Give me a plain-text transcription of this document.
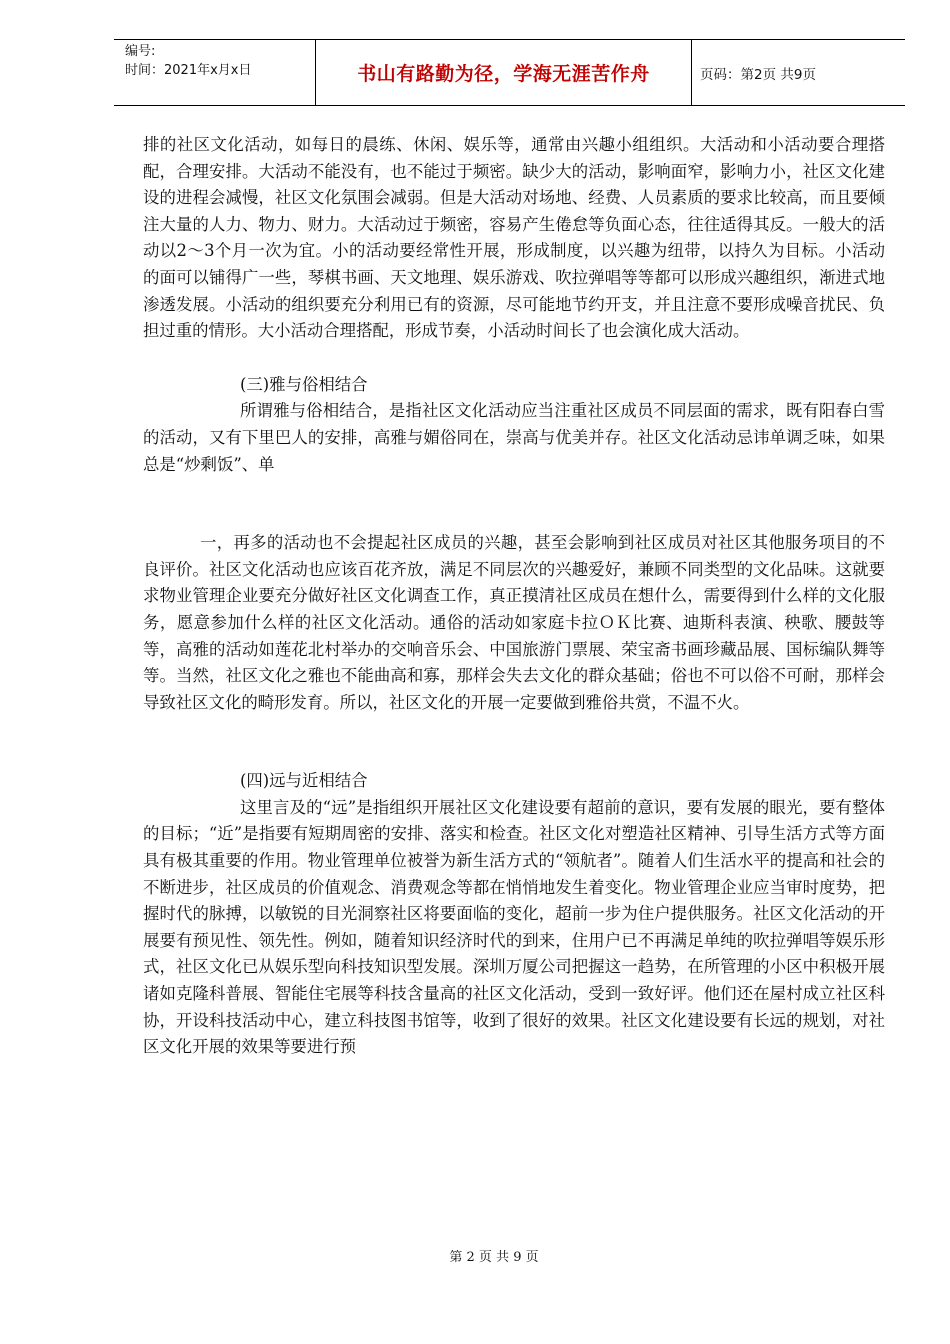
编号:
时间：2021年x月x日	书山有路勤为径，学海无涯苦作舟	页码：第2页 共9页

排的社区文化活动，如每日的晨练、休闲、娱乐等，通常由兴趣小组组织。大活动和小活动要合理搭配，合理安排。大活动不能没有，也不能过于频密。缺少大的活动，影响面窄，影响力小，社区文化建设的进程会减慢，社区文化氛围会减弱。但是大活动对场地、经费、人员素质的要求比较高，而且要倾注大量的人力、物力、财力。大活动过于频密，容易产生倦怠等负面心态，往往适得其反。一般大的活动以2～3个月一次为宜。小的活动要经常性开展，形成制度，以兴趣为纽带，以持久为目标。小活动的面可以铺得广一些，琴棋书画、天文地理、娱乐游戏、吹拉弹唱等等都可以形成兴趣组织，渐进式地渗透发展。小活动的组织要充分利用已有的资源，尽可能地节约开支，并且注意不要形成噪音扰民、负担过重的情形。大小活动合理搭配，形成节奏，小活动时间长了也会演化成大活动。

(三)雅与俗相结合

所谓雅与俗相结合，是指社区文化活动应当注重社区成员不同层面的需求，既有阳春白雪的活动，又有下里巴人的安排，高雅与媚俗同在，崇高与优美并存。社区文化活动忌讳单调乏味，如果总是“炒剩饭”、单

一，再多的活动也不会提起社区成员的兴趣，甚至会影响到社区成员对社区其他服务项目的不良评价。社区文化活动也应该百花齐放，满足不同层次的兴趣爱好，兼顾不同类型的文化品味。这就要求物业管理企业要充分做好社区文化调查工作，真正摸清社区成员在想什么，需要得到什么样的文化服务，愿意参加什么样的社区文化活动。通俗的活动如家庭卡拉ＯＫ比赛、迪斯科表演、秧歌、腰鼓等等，高雅的活动如莲花北村举办的交响音乐会、中国旅游门票展、荣宝斋书画珍藏品展、国标编队舞等等。当然，社区文化之雅也不能曲高和寡，那样会失去文化的群众基础；俗也不可以俗不可耐，那样会导致社区文化的畸形发育。所以，社区文化的开展一定要做到雅俗共赏，不温不火。

(四)远与近相结合

这里言及的“远”是指组织开展社区文化建设要有超前的意识，要有发展的眼光，要有整体的目标；“近”是指要有短期周密的安排、落实和检查。社区文化对塑造社区精神、引导生活方式等方面具有极其重要的作用。物业管理单位被誉为新生活方式的“领航者”。随着人们生活水平的提高和社会的不断进步，社区成员的价值观念、消费观念等都在悄悄地发生着变化。物业管理企业应当审时度势，把握时代的脉搏，以敏锐的目光洞察社区将要面临的变化，超前一步为住户提供服务。社区文化活动的开展要有预见性、领先性。例如，随着知识经济时代的到来，住用户已不再满足单纯的吹拉弹唱等娱乐形式，社区文化已从娱乐型向科技知识型发展。深圳万厦公司把握这一趋势，在所管理的小区中积极开展诸如克隆科普展、智能住宅展等科技含量高的社区文化活动，受到一致好评。他们还在屋村成立社区科协，开设科技活动中心，建立科技图书馆等，收到了很好的效果。社区文化建设要有长远的规划，对社区文化开展的效果等要进行预

第 2 页 共 9 页
